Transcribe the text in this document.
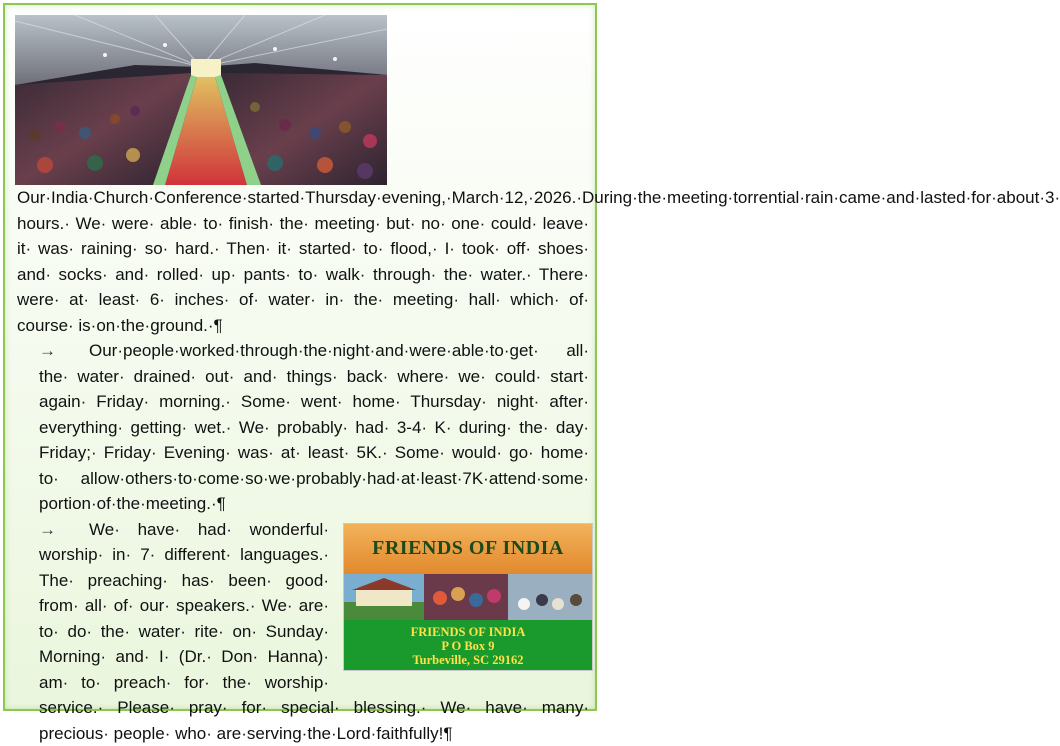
Our·India·Church·Conference·started·Thursday·evening,·March·12,·2026.·During·the·meeting·torrential·rain·came·and·lasted·for·about·3· hours.· We· were· able· to· finish· the· meeting· but· no· one· could· leave· it· was· raining· so· hard.· Then· it· started· to· flood,· I· took· off· shoes· and· socks· and· rolled· up· pants· to· walk· through· the· water.· There· were· at· least· 6· inches· of· water· in· the· meeting· hall· which· of· course· is·on·the·ground.·¶

→ Our·people·worked·through·the·night·and·were·able·to·get· all· the· water· drained· out· and· things· back· where· we· could· start· again· Friday· morning.· Some· went· home· Thursday· night· after· everything· getting· wet.· We· probably· had· 3-4· K· during· the· day· Friday;· Friday· Evening· was· at· least· 5K.· Some· would· go· home· to· allow·others·to·come·so·we·probably·had·at·least·7K·attend·some· portion·of·the·meeting.·¶

→
FRIENDS OF INDIA
FRIENDS OF INDIA
P O Box 9
Turbeville, SC 29162
We· have· had· wonderful· worship· in· 7· different· languages.· The· preaching· has· been· good· from· all· of· our· speakers.· We· are· to· do· the· water· rite· on· Sunday· Morning· and· I· (Dr.· Don· Hanna)· am· to· preach· for· the· worship· service.· Please· pray· for· special· blessing.· We· have· many· precious· people· who· are·serving·the·Lord·faithfully!¶
